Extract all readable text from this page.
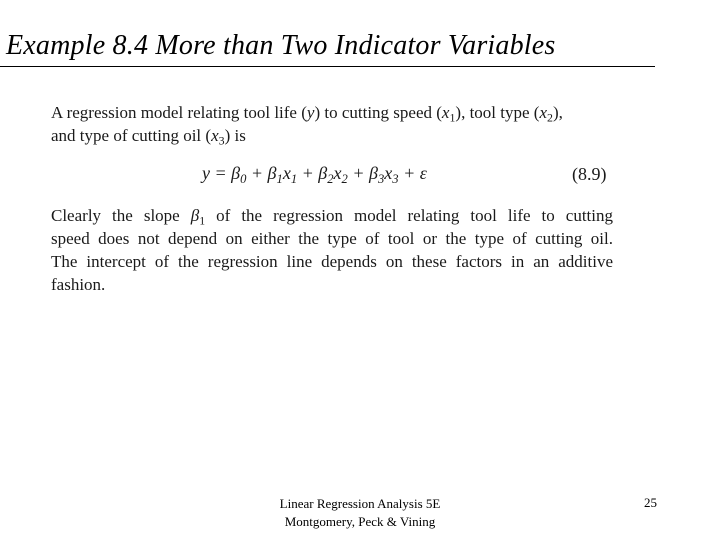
Example 8.4 More than Two Indicator Variables
A regression model relating tool life (y) to cutting speed $(x_1)$, tool type $(x_2)$,
and type of cutting oil $(x_3)$ is
$y = \beta_0 + \beta_1x_1 + \beta_2x_2 + \beta_3x_3 + \varepsilon$	(8.9)
Clearly the slope $\beta_1$ of the regression model relating tool life to cutting
speed does not depend on either the type of tool or the type of cutting oil.
The intercept of the regression line depends on these factors in an additive
fashion.
Linear Regression Analysis 5E
Montgomery, Peck & Vining
25
